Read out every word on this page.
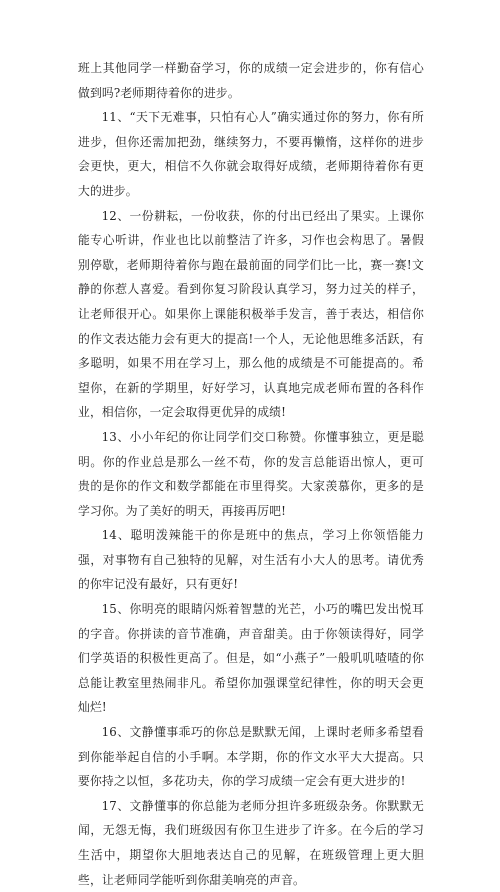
班上其他同学一样勤奋学习，你的成绩一定会进步的，你有信心做到吗?老师期待着你的进步。

11、“天下无难事，只怕有心人”确实通过你的努力，你有所进步，但你还需加把劲，继续努力，不要再懒惰，这样你的进步会更快，更大，相信不久你就会取得好成绩，老师期待着你有更大的进步。

12、一份耕耘，一份收获，你的付出已经出了果实。上课你能专心听讲，作业也比以前整洁了许多，习作也会构思了。暑假别停歇，老师期待着你与跑在最前面的同学们比一比，赛一赛!文静的你惹人喜爱。看到你复习阶段认真学习，努力过关的样子，让老师很开心。如果你上课能积极举手发言，善于表达，相信你的作文表达能力会有更大的提高!一个人，无论他思维多活跃，有多聪明，如果不用在学习上，那么他的成绩是不可能提高的。希望你，在新的学期里，好好学习，认真地完成老师布置的各科作业，相信你，一定会取得更优异的成绩!

13、小小年纪的你让同学们交口称赞。你懂事独立，更是聪明。你的作业总是那么一丝不苟，你的发言总能语出惊人，更可贵的是你的作文和数学都能在市里得奖。大家羡慕你，更多的是学习你。为了美好的明天，再接再厉吧!

14、聪明泼辣能干的你是班中的焦点，学习上你领悟能力强，对事物有自己独特的见解，对生活有小大人的思考。请优秀的你牢记没有最好，只有更好!

15、你明亮的眼睛闪烁着智慧的光芒，小巧的嘴巴发出悦耳的字音。你拼读的音节准确，声音甜美。由于你领读得好，同学们学英语的积极性更高了。但是，如“小燕子”一般叽叽喳喳的你总能让教室里热闹非凡。希望你加强课堂纪律性，你的明天会更灿烂!

16、文静懂事乖巧的你总是默默无闻，上课时老师多希望看到你能举起自信的小手啊。本学期，你的作文水平大大提高。只要你持之以恒，多花功夫，你的学习成绩一定会有更大进步的!

17、文静懂事的你总能为老师分担许多班级杂务。你默默无闻，无怨无悔，我们班级因有你卫生进步了许多。在今后的学习生活中，期望你大胆地表达自己的见解，在班级管理上更大胆些，让老师同学能听到你甜美响亮的声音。
